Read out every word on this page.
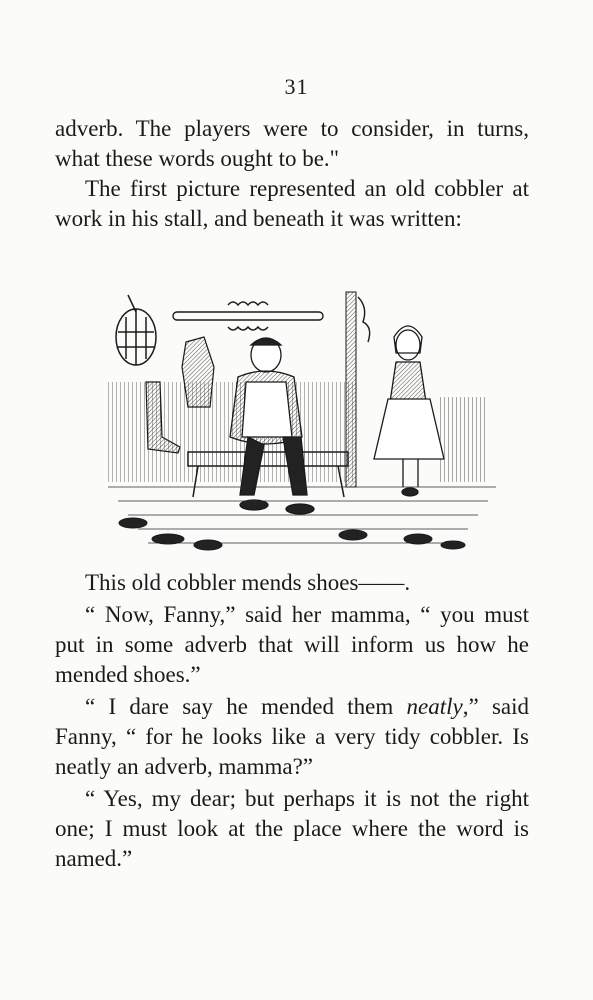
31

adverb. The players were to consider, in turns, what these words ought to be."

The first picture represented an old cobbler at work in his stall, and beneath it was written:

This old cobbler mends shoes——.

“ Now, Fanny,” said her mamma, “ you must put in some adverb that will inform us how he mended shoes.”

“ I dare say he mended them neatly,” said Fanny, “ for he looks like a very tidy cobbler. Is neatly an adverb, mamma?”

“ Yes, my dear; but perhaps it is not the right one; I must look at the place where the word is named.”
